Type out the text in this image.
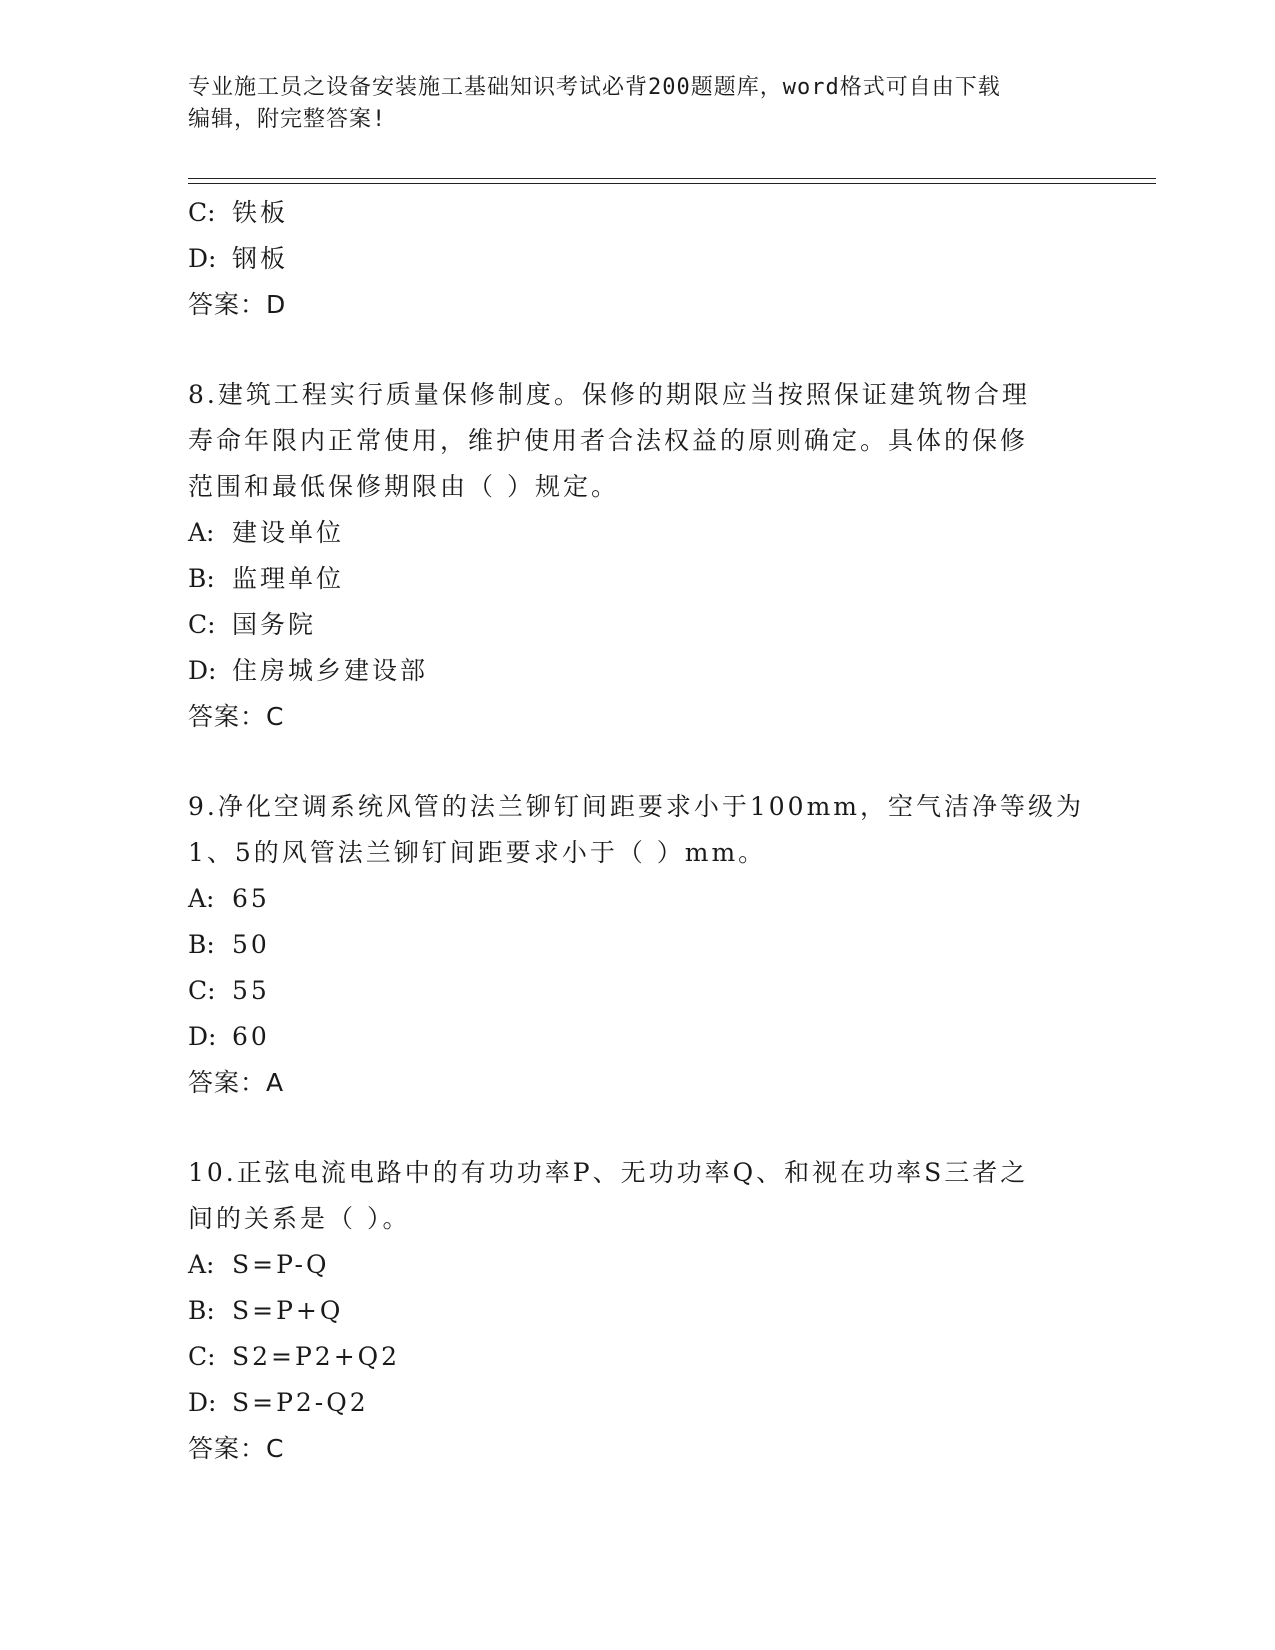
专业施工员之设备安装施工基础知识考试必背200题题库，word格式可自由下载
编辑，附完整答案!
C: 铁板
D: 钢板
答案：D
8.建筑工程实行质量保修制度。保修的期限应当按照保证建筑物合理
寿命年限内正常使用，维护使用者合法权益的原则确定。具体的保修
范围和最低保修期限由（ ）规定。
A: 建设单位
B: 监理单位
C: 国务院
D: 住房城乡建设部
答案：C
9.净化空调系统风管的法兰铆钉间距要求小于100mm，空气洁净等级为
1、5的风管法兰铆钉间距要求小于（ ）mm。
A: 65
B: 50
C: 55
D: 60
答案：A
10.正弦电流电路中的有功功率P、无功功率Q、和视在功率S三者之
间的关系是（ ）。
A: S=P-Q
B: S=P+Q
C: S2=P2+Q2
D: S=P2-Q2
答案：C
